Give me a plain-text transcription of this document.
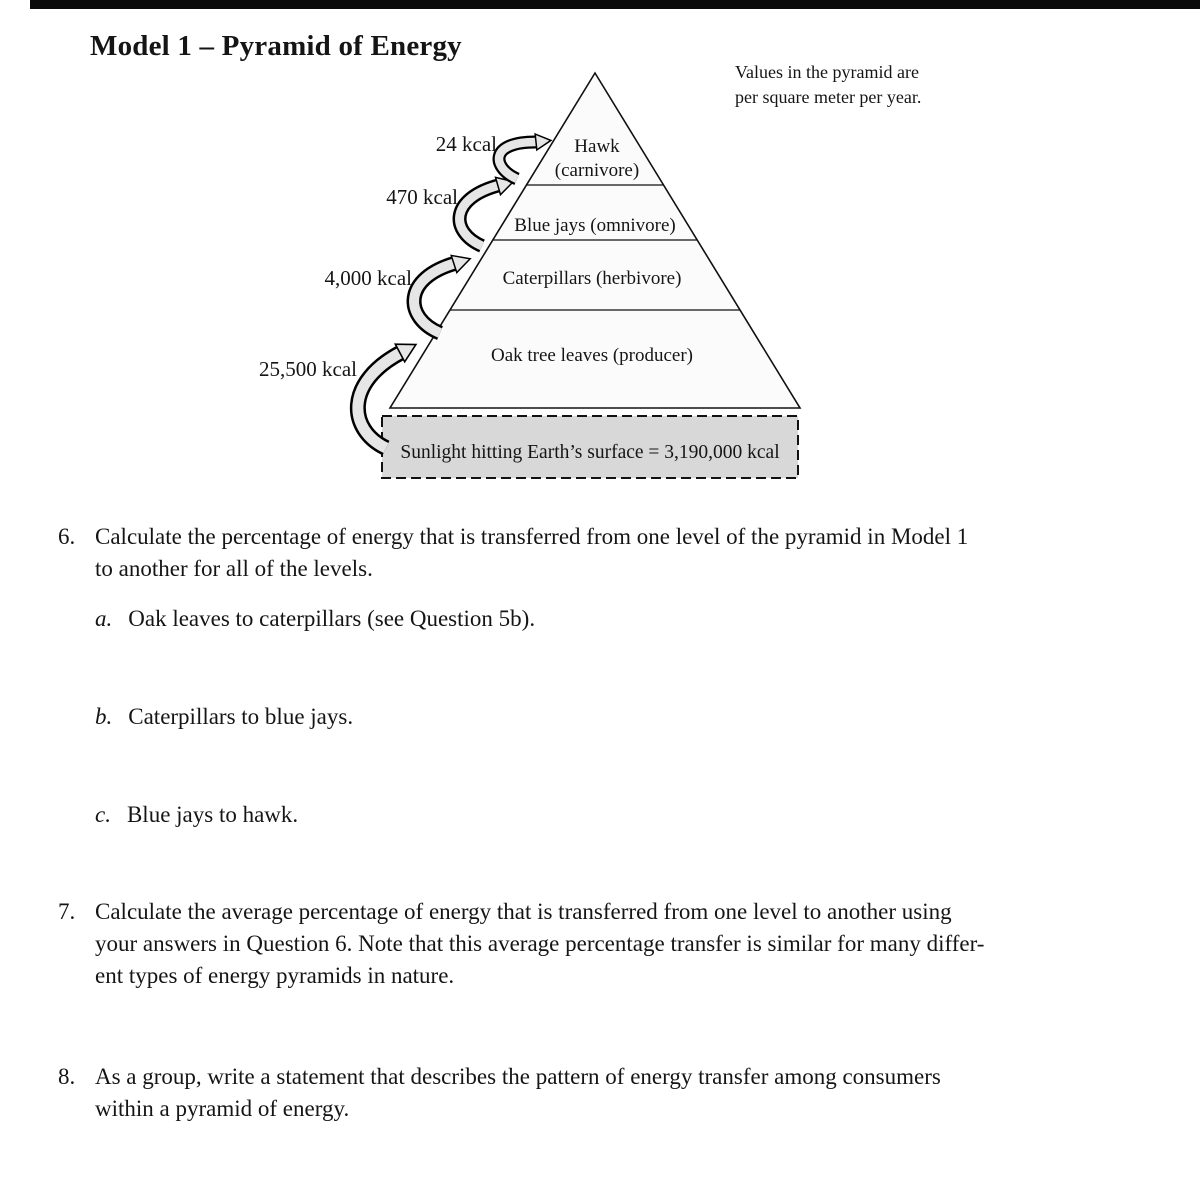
Model 1 – Pyramid of Energy
Values in the pyramid are
per square meter per year.
Sunlight hitting Earth’s surface = 3,190,000 kcal
Hawk
(carnivore)
Blue jays (omnivore)
Caterpillars (herbivore)
Oak tree leaves (producer)
24 kcal
470 kcal
4,000 kcal
25,500 kcal
6. Calculate the percentage of energy that is transferred from one level of the pyramid in Model 1
to another for all of the levels.
a. Oak leaves to caterpillars (see Question 5b).
b. Caterpillars to blue jays.
c. Blue jays to hawk.
7. Calculate the average percentage of energy that is transferred from one level to another using
your answers in Question 6. Note that this average percentage transfer is similar for many differ-
ent types of energy pyramids in nature.
8. As a group, write a statement that describes the pattern of energy transfer among consumers
within a pyramid of energy.
